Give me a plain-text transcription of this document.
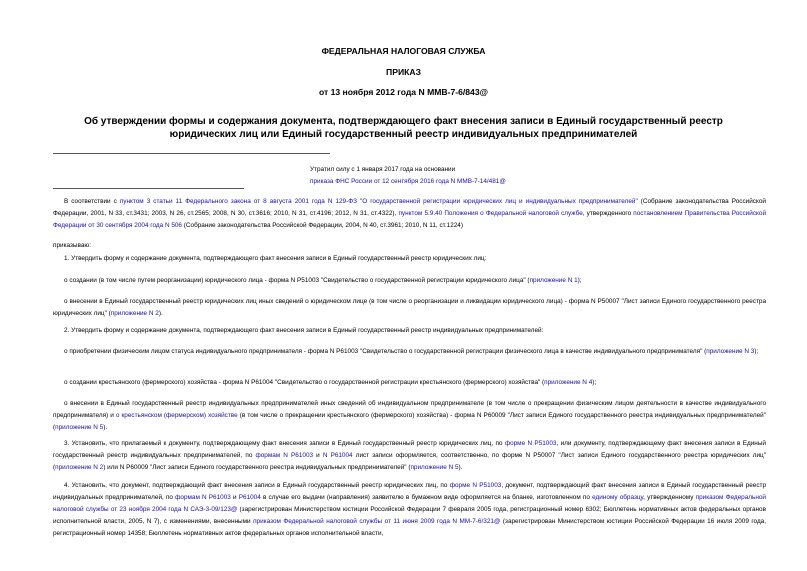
ФЕДЕРАЛЬНАЯ НАЛОГОВАЯ СЛУЖБА
ПРИКАЗ
от 13 ноября 2012 года N ММВ-7-6/843@
Об утверждении формы и содержания документа, подтверждающего факт внесения записи в Единый государственный реестр юридических лиц или Единый государственный реестр индивидуальных предпринимателей
Утратил силу с 1 января 2017 года на основании
приказа ФНС России от 12 сентября 2016 года N ММВ-7-14/481@

В соответствии с пунктом 3 статьи 11 Федерального закона от 8 августа 2001 года N 129-ФЗ "О государственной регистрации юридических лиц и индивидуальных предпринимателей" (Собрание законодательства Российской Федерации, 2001, N 33, ст.3431; 2003, N 26, ст.2565; 2008, N 30, ст.3616; 2010, N 31, ст.4196; 2012, N 31, ст.4322), пунктом 5.9.40 Положения о Федеральной налоговой службе, утвержденного постановлением Правительства Российской Федерации от 30 сентября 2004 года N 506 (Собрание законодательства Российской Федерации, 2004, N 40, ст.3961; 2010, N 11, ст.1224)

приказываю:

1. Утвердить форму и содержание документа, подтверждающего факт внесения записи в Единый государственный реестр юридических лиц:

о создании (в том числе путем реорганизации) юридического лица - форма N Р51003 "Свидетельство о государственной регистрации юридического лица" (приложение N 1);

о внесении в Единый государственный реестр юридических лиц иных сведений о юридическом лице (в том числе о реорганизации и ликвидации юридического лица) - форма N Р50007 "Лист записи Единого государственного реестра юридических лиц" (приложение N 2).

2. Утвердить форму и содержание документа, подтверждающего факт внесения записи в Единый государственный реестр индивидуальных предпринимателей:

о приобретении физическим лицом статуса индивидуального предпринимателя - форма N Р61003 "Свидетельство о государственной регистрации физического лица в качестве индивидуального предпринимателя" (приложение N 3);

о создании крестьянского (фермерского) хозяйства - форма N Р61004 "Свидетельство о государственной регистрации крестьянского (фермерского) хозяйства" (приложение N 4);

о внесении в Единый государственный реестр индивидуальных предпринимателей иных сведений об индивидуальном предпринимателе (в том числе о прекращении физическим лицом деятельности в качестве индивидуального предпринимателя) и о крестьянском (фермерском) хозяйстве (в том числе о прекращении крестьянского (фермерского) хозяйства) - форма N Р60009 "Лист записи Единого государственного реестра индивидуальных предпринимателей" (приложение N 5).

3. Установить, что прилагаемый к документу, подтверждающему факт внесения записи в Единый государственный реестр юридических лиц, по форме N Р51003, или документу, подтверждающему факт внесения записи в Единый государственный реестр индивидуальных предпринимателей, по формам N Р61003 и N Р61004 лист записи оформляется, соответственно, по форме N Р50007 "Лист записи Единого государственного реестра юридических лиц" (приложение N 2) или N Р60009 "Лист записи Единого государственного реестра индивидуальных предпринимателей" (приложение N 5).

4. Установить, что документ, подтверждающий факт внесения записи в Единый государственный реестр юридических лиц, по форме N Р51003, документ, подтверждающий факт внесения записи в Единый государственный реестр индивидуальных предпринимателей, по формам N Р61003 и Р61004 в случае его выдачи (направления) заявителю в бумажном виде оформляется на бланке, изготовленном по единому образцу, утвержденному приказом Федеральной налоговой службы от 23 ноября 2004 года N САЭ-3-09/123@ (зарегистрирован Министерством юстиции Российской Федерации 7 февраля 2005 года, регистрационный номер 6302; Бюллетень нормативных актов федеральных органов исполнительной власти, 2005, N 7), с изменениями, внесенными приказом Федеральной налоговой службы от 11 июня 2009 года N ММ-7-6/321@ (зарегистрирован Министерством юстиции Российской Федерации 16 июля 2009 года, регистрационный номер 14358; Бюллетень нормативных актов федеральных органов исполнительной власти,
